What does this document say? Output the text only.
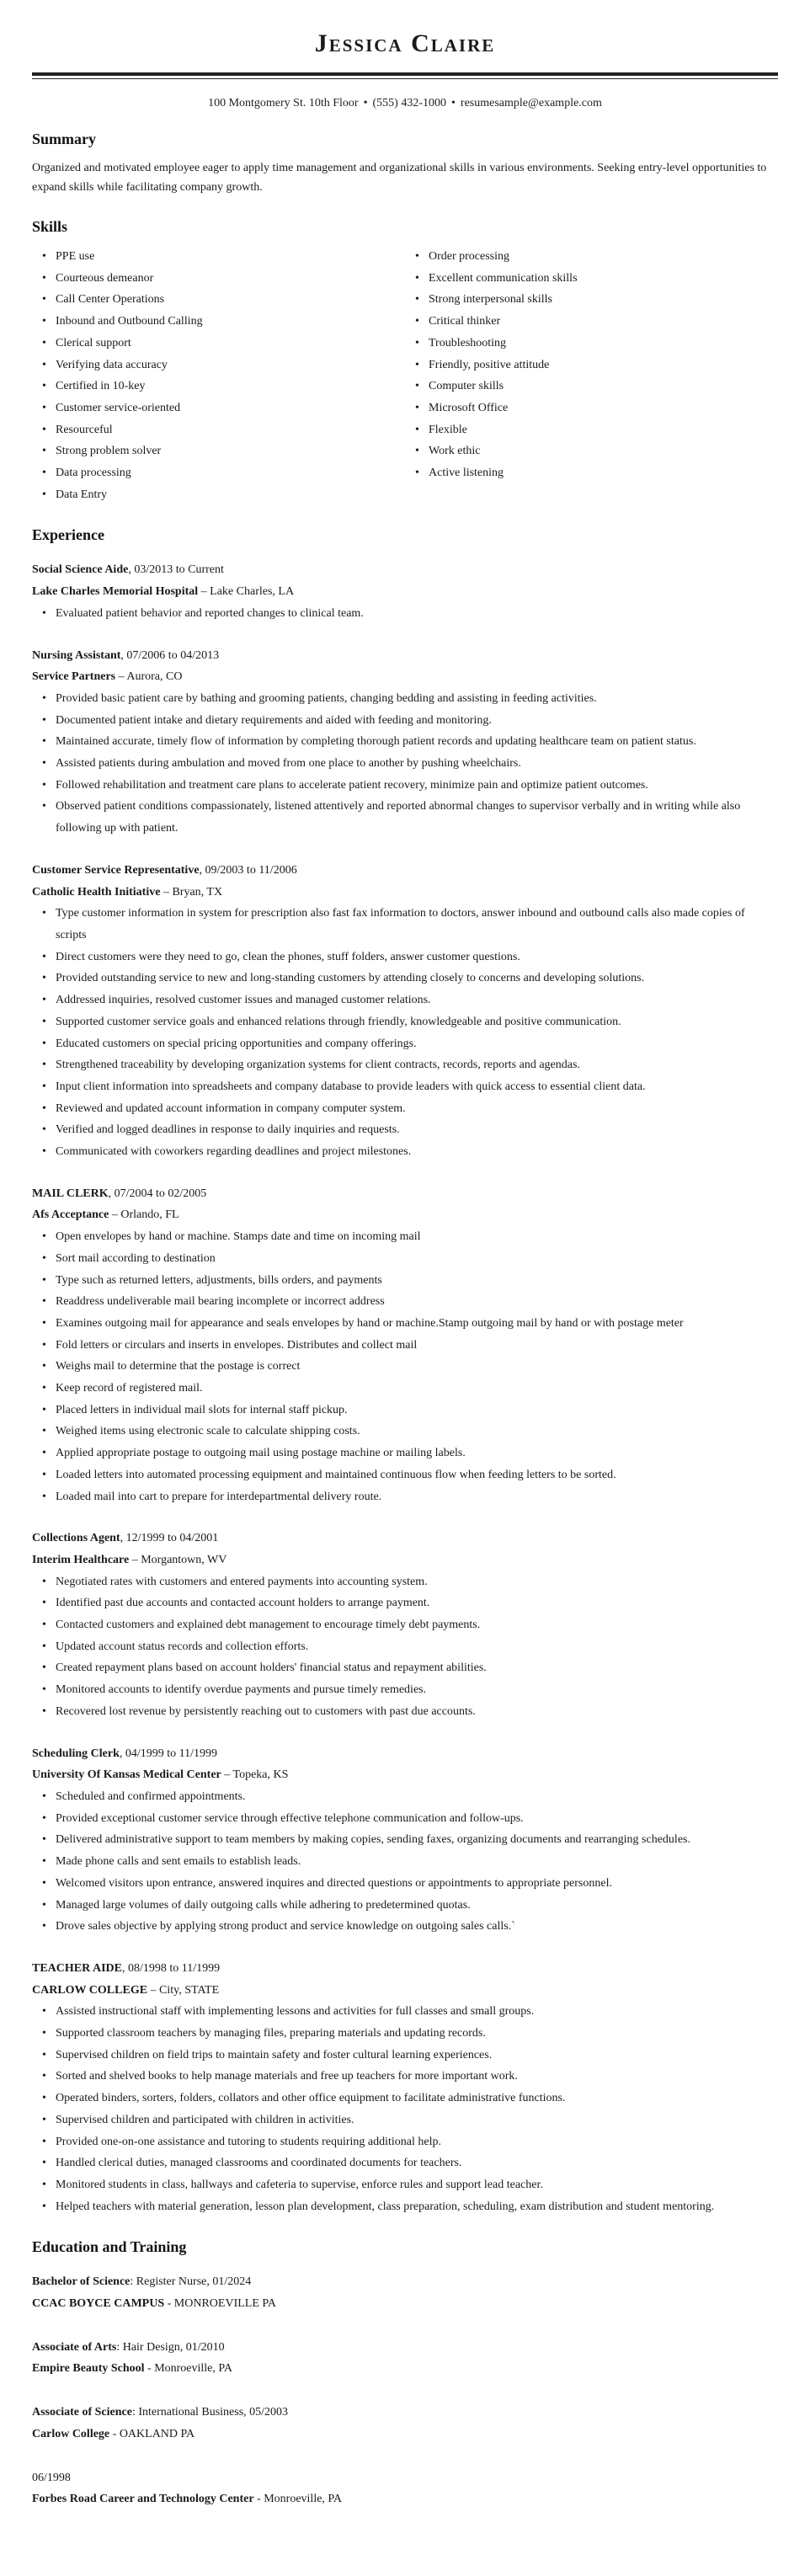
Jessica Claire
100 Montgomery St. 10th Floor • (555) 432-1000 • resumesample@example.com
Summary
Organized and motivated employee eager to apply time management and organizational skills in various environments. Seeking entry-level opportunities to expand skills while facilitating company growth.
Skills
• PPE use
• Courteous demeanor
• Call Center Operations
• Inbound and Outbound Calling
• Clerical support
• Verifying data accuracy
• Certified in 10-key
• Customer service-oriented
• Resourceful
• Strong problem solver
• Data processing
• Data Entry
• Order processing
• Excellent communication skills
• Strong interpersonal skills
• Critical thinker
• Troubleshooting
• Friendly, positive attitude
• Computer skills
• Microsoft Office
• Flexible
• Work ethic
• Active listening
Experience
Social Science Aide, 03/2013 to Current
Lake Charles Memorial Hospital – Lake Charles, LA
• Evaluated patient behavior and reported changes to clinical team.
Nursing Assistant, 07/2006 to 04/2013
Service Partners – Aurora, CO
• Provided basic patient care by bathing and grooming patients, changing bedding and assisting in feeding activities.
• Documented patient intake and dietary requirements and aided with feeding and monitoring.
• Maintained accurate, timely flow of information by completing thorough patient records and updating healthcare team on patient status.
• Assisted patients during ambulation and moved from one place to another by pushing wheelchairs.
• Followed rehabilitation and treatment care plans to accelerate patient recovery, minimize pain and optimize patient outcomes.
• Observed patient conditions compassionately, listened attentively and reported abnormal changes to supervisor verbally and in writing while also following up with patient.
Customer Service Representative, 09/2003 to 11/2006
Catholic Health Initiative – Bryan, TX
• Type customer information in system for prescription also fast fax information to doctors, answer inbound and outbound calls also made copies of scripts
• Direct customers were they need to go, clean the phones, stuff folders, answer customer questions.
• Provided outstanding service to new and long-standing customers by attending closely to concerns and developing solutions.
• Addressed inquiries, resolved customer issues and managed customer relations.
• Supported customer service goals and enhanced relations through friendly, knowledgeable and positive communication.
• Educated customers on special pricing opportunities and company offerings.
• Strengthened traceability by developing organization systems for client contracts, records, reports and agendas.
• Input client information into spreadsheets and company database to provide leaders with quick access to essential client data.
• Reviewed and updated account information in company computer system.
• Verified and logged deadlines in response to daily inquiries and requests.
• Communicated with coworkers regarding deadlines and project milestones.
MAIL CLERK, 07/2004 to 02/2005
Afs Acceptance – Orlando, FL
• Open envelopes by hand or machine. Stamps date and time on incoming mail
• Sort mail according to destination
• Type such as returned letters, adjustments, bills orders, and payments
• Readdress undeliverable mail bearing incomplete or incorrect address
• Examines outgoing mail for appearance and seals envelopes by hand or machine.Stamp outgoing mail by hand or with postage meter
• Fold letters or circulars and inserts in envelopes. Distributes and collect mail
• Weighs mail to determine that the postage is correct
• Keep record of registered mail.
• Placed letters in individual mail slots for internal staff pickup.
• Weighed items using electronic scale to calculate shipping costs.
• Applied appropriate postage to outgoing mail using postage machine or mailing labels.
• Loaded letters into automated processing equipment and maintained continuous flow when feeding letters to be sorted.
• Loaded mail into cart to prepare for interdepartmental delivery route.
Collections Agent, 12/1999 to 04/2001
Interim Healthcare – Morgantown, WV
• Negotiated rates with customers and entered payments into accounting system.
• Identified past due accounts and contacted account holders to arrange payment.
• Contacted customers and explained debt management to encourage timely debt payments.
• Updated account status records and collection efforts.
• Created repayment plans based on account holders' financial status and repayment abilities.
• Monitored accounts to identify overdue payments and pursue timely remedies.
• Recovered lost revenue by persistently reaching out to customers with past due accounts.
Scheduling Clerk, 04/1999 to 11/1999
University Of Kansas Medical Center – Topeka, KS
• Scheduled and confirmed appointments.
• Provided exceptional customer service through effective telephone communication and follow-ups.
• Delivered administrative support to team members by making copies, sending faxes, organizing documents and rearranging schedules.
• Made phone calls and sent emails to establish leads.
• Welcomed visitors upon entrance, answered inquires and directed questions or appointments to appropriate personnel.
• Managed large volumes of daily outgoing calls while adhering to predetermined quotas.
• Drove sales objective by applying strong product and service knowledge on outgoing sales calls.`
TEACHER AIDE, 08/1998 to 11/1999
CARLOW COLLEGE – City, STATE
• Assisted instructional staff with implementing lessons and activities for full classes and small groups.
• Supported classroom teachers by managing files, preparing materials and updating records.
• Supervised children on field trips to maintain safety and foster cultural learning experiences.
• Sorted and shelved books to help manage materials and free up teachers for more important work.
• Operated binders, sorters, folders, collators and other office equipment to facilitate administrative functions.
• Supervised children and participated with children in activities.
• Provided one-on-one assistance and tutoring to students requiring additional help.
• Handled clerical duties, managed classrooms and coordinated documents for teachers.
• Monitored students in class, hallways and cafeteria to supervise, enforce rules and support lead teacher.
• Helped teachers with material generation, lesson plan development, class preparation, scheduling, exam distribution and student mentoring.
Education and Training
Bachelor of Science: Register Nurse, 01/2024
CCAC BOYCE CAMPUS - MONROEVILLE PA
Associate of Arts: Hair Design, 01/2010
Empire Beauty School - Monroeville, PA
Associate of Science: International Business, 05/2003
Carlow College - OAKLAND PA
06/1998
Forbes Road Career and Technology Center - Monroeville, PA
